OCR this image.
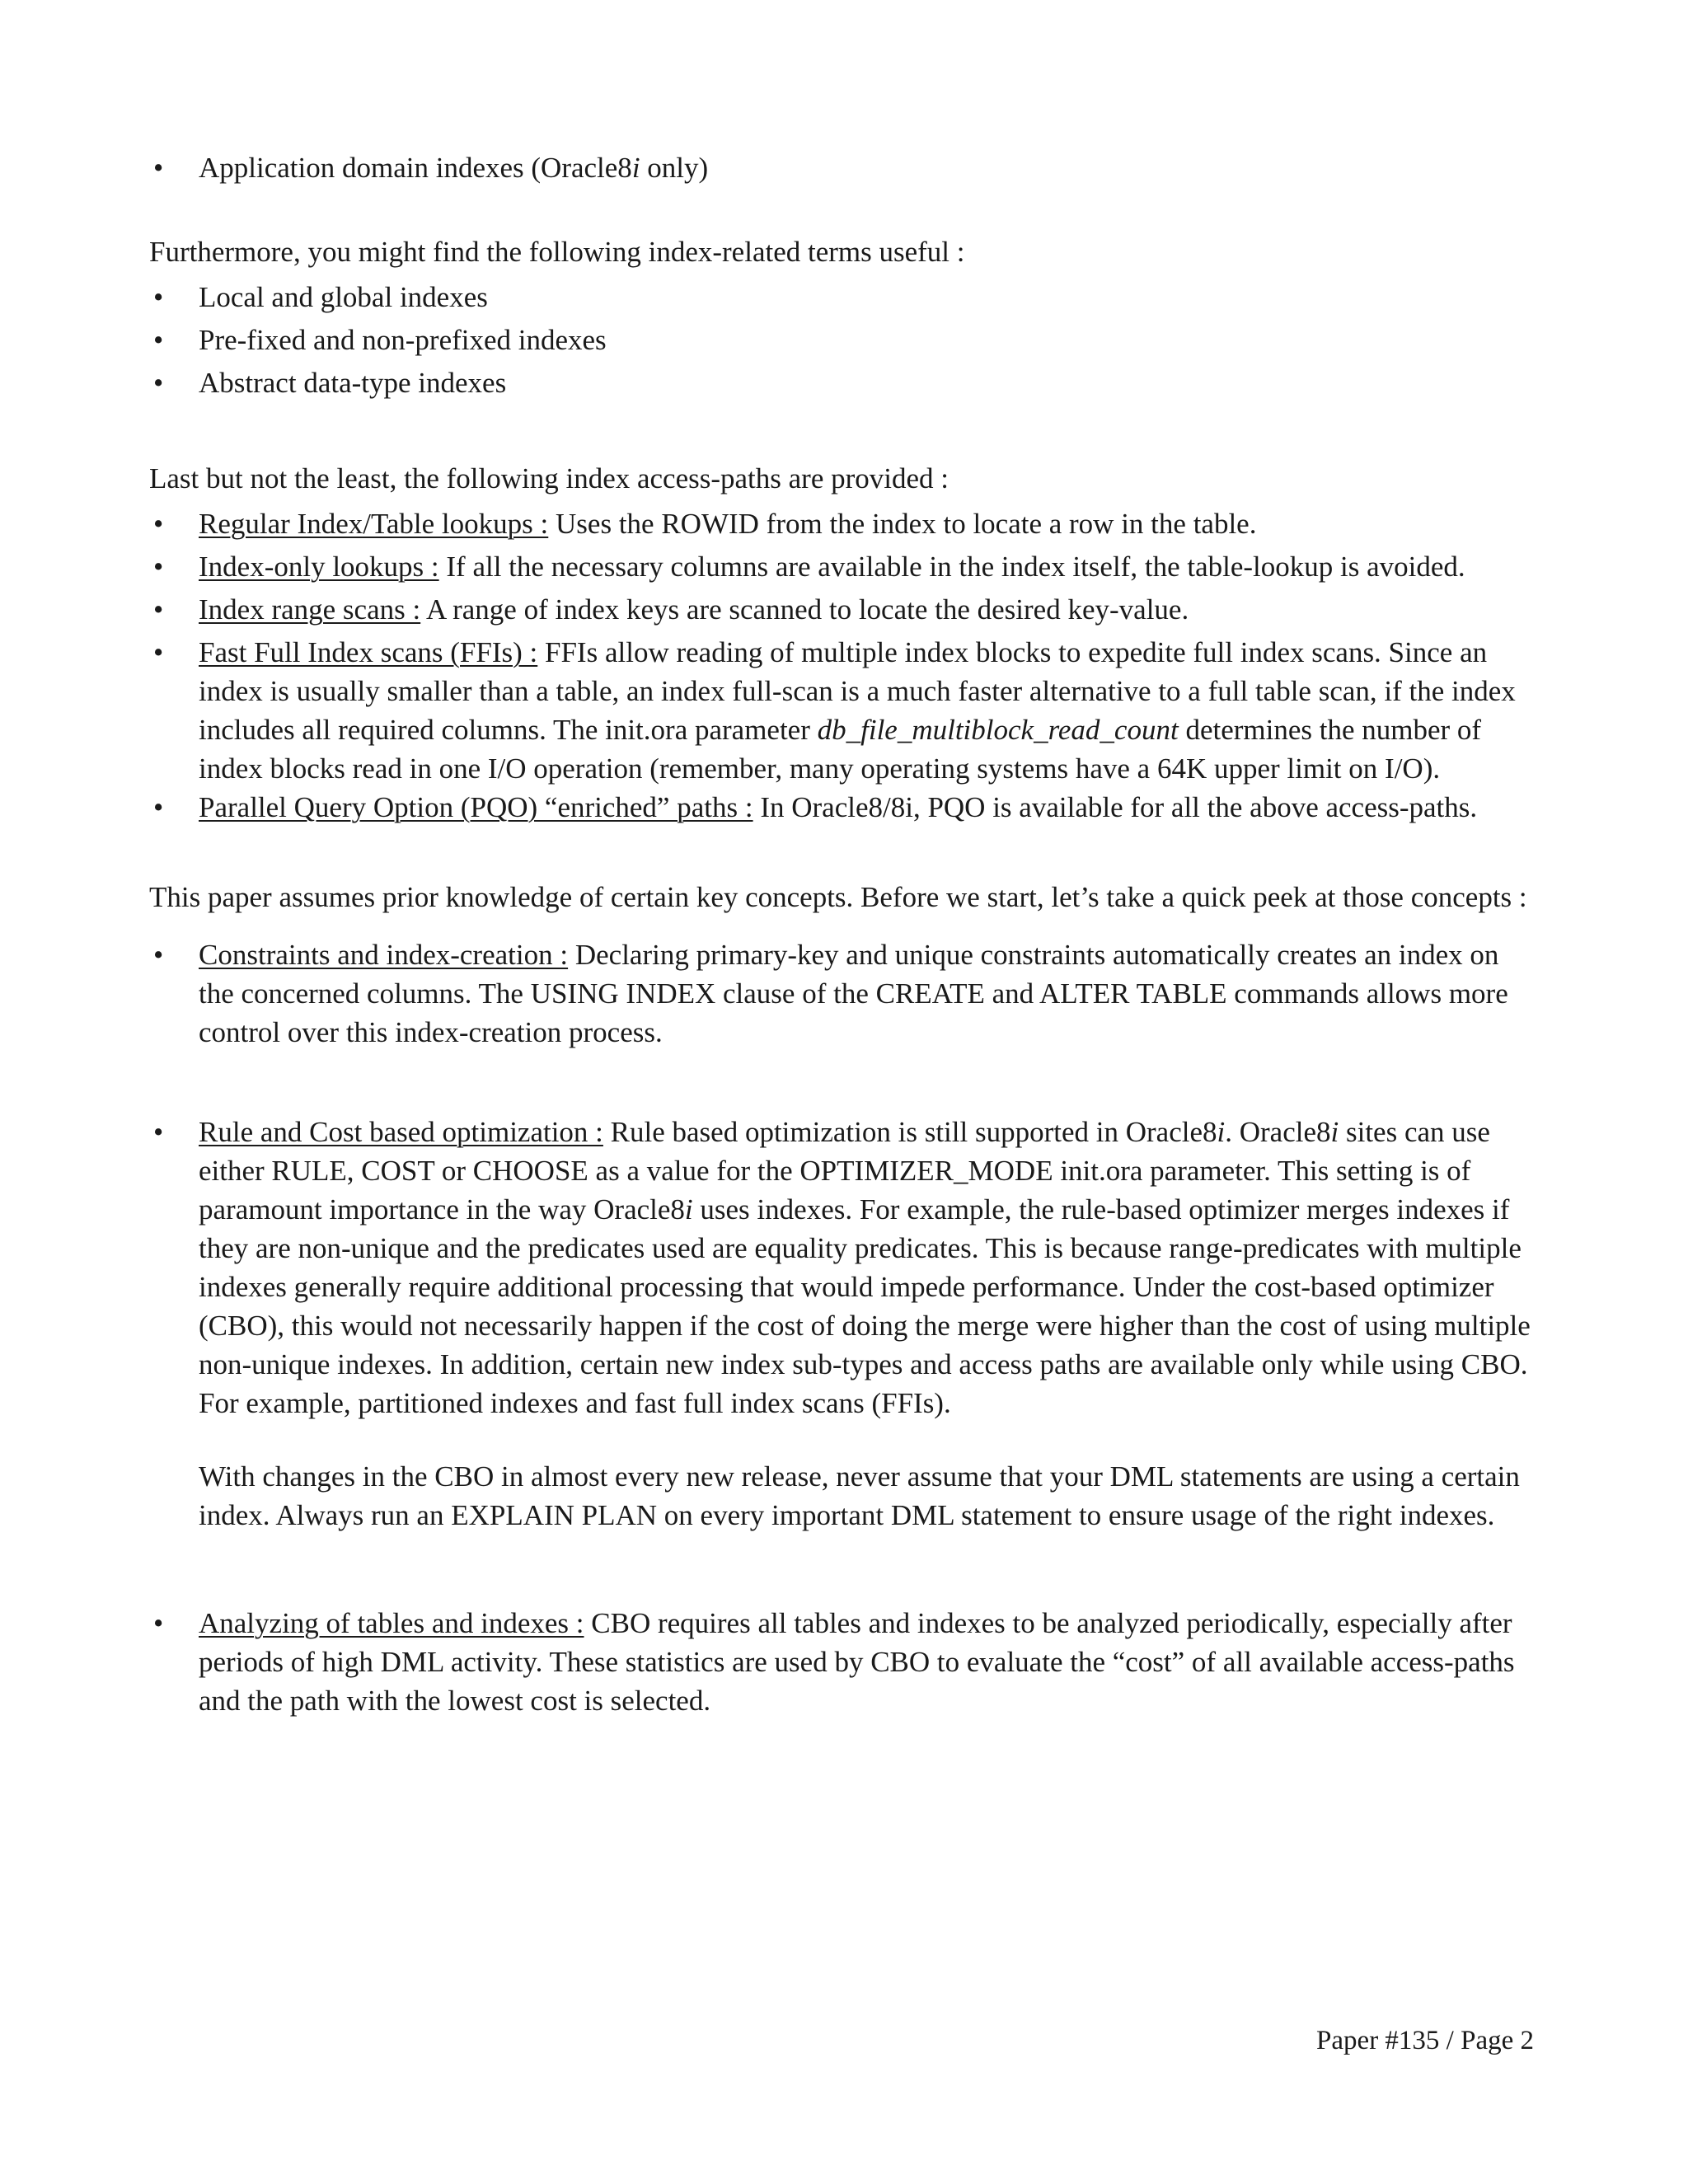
• Application domain indexes (Oracle8i only)

Furthermore, you might find the following index-related terms useful :

• Local and global indexes
• Pre-fixed and non-prefixed indexes
• Abstract data-type indexes

Last but not the least, the following index access-paths are provided :

• Regular Index/Table lookups : Uses the ROWID from the index to locate a row in the table.
• Index-only lookups : If all the necessary columns are available in the index itself, the table-lookup is avoided.
• Index range scans : A range of index keys are scanned to locate the desired key-value.
• Fast Full Index scans (FFIs) : FFIs allow reading of multiple index blocks to expedite full index scans. Since an index is usually smaller than a table, an index full-scan is a much faster alternative to a full table scan, if the index includes all required columns. The init.ora parameter db_file_multiblock_read_count determines the number of index blocks read in one I/O operation (remember, many operating systems have a 64K upper limit on I/O).
• Parallel Query Option (PQO) “enriched” paths : In Oracle8/8i, PQO is available for all the above access-paths.

This paper assumes prior knowledge of certain key concepts. Before we start, let’s take a quick peek at those concepts :

• Constraints and index-creation : Declaring primary-key and unique constraints automatically creates an index on the concerned columns. The USING INDEX clause of the CREATE and ALTER TABLE commands allows more control over this index-creation process.
• Rule and Cost based optimization : Rule based optimization is still supported in Oracle8i. Oracle8i sites can use either RULE, COST or CHOOSE as a value for the OPTIMIZER_MODE init.ora parameter. This setting is of paramount importance in the way Oracle8i uses indexes. For example, the rule-based optimizer merges indexes if they are non-unique and the predicates used are equality predicates. This is because range-predicates with multiple indexes generally require additional processing that would impede performance. Under the cost-based optimizer (CBO), this would not necessarily happen if the cost of doing the merge were higher than the cost of using multiple non-unique indexes. In addition, certain new index sub-types and access paths are available only while using CBO. For example, partitioned indexes and fast full index scans (FFIs).

With changes in the CBO in almost every new release, never assume that your DML statements are using a certain index. Always run an EXPLAIN PLAN on every important DML statement to ensure usage of the right indexes.

• Analyzing of tables and indexes : CBO requires all tables and indexes to be analyzed periodically, especially after periods of high DML activity. These statistics are used by CBO to evaluate the “cost” of all available access-paths and the path with the lowest cost is selected.
Paper #135 / Page 2
